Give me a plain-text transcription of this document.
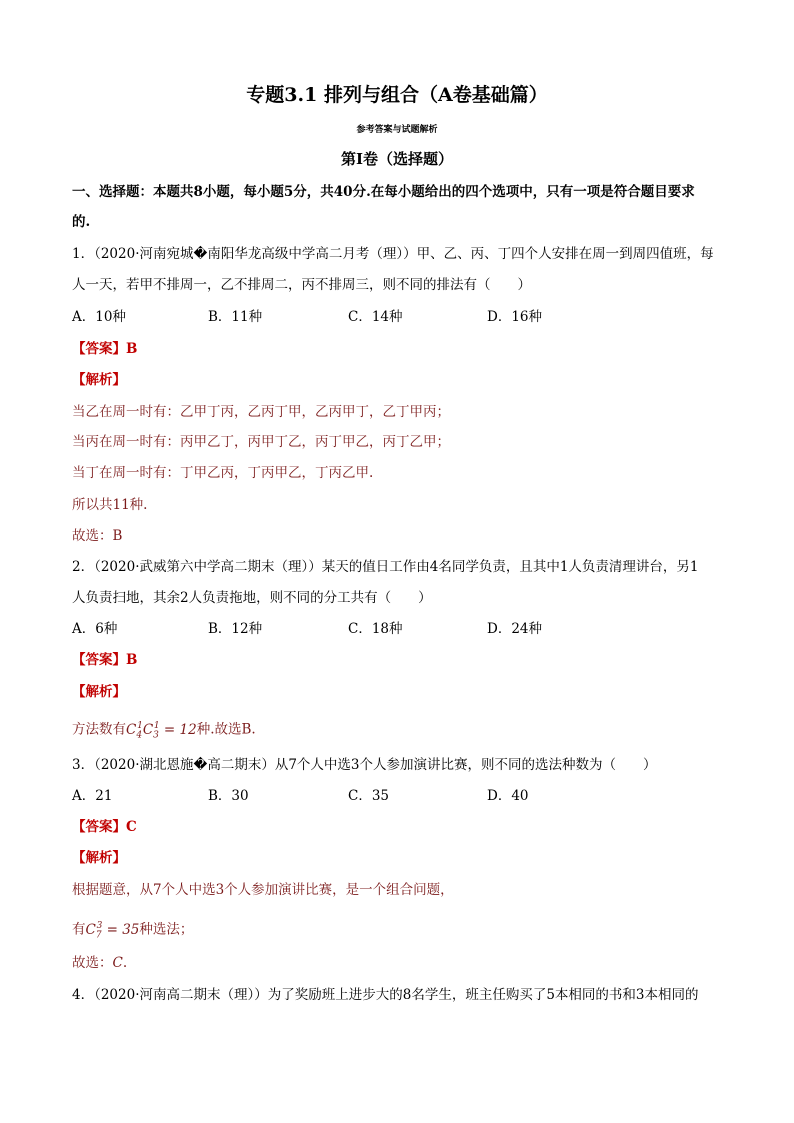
专题3.1 排列与组合（A卷基础篇）
参考答案与试题解析
第Ⅰ卷（选择题）
一、选择题：本题共8小题，每小题5分，共40分.在每小题给出的四个选项中，只有一项是符合题目要求
的.
1．（2020·河南宛城�南阳华龙高级中学高二月考（理））甲、乙、丙、丁四个人安排在周一到周四值班，每
人一天，若甲不排周一，乙不排周二，丙不排周三，则不同的排法有（　　）
A．10种	B．11种	C．14种	D．16种
【答案】B
【解析】
当乙在周一时有：乙甲丁丙，乙丙丁甲，乙丙甲丁，乙丁甲丙；
当丙在周一时有：丙甲乙丁，丙甲丁乙，丙丁甲乙，丙丁乙甲；
当丁在周一时有：丁甲乙丙，丁丙甲乙，丁丙乙甲.
所以共11种.
故选：B
2．（2020·武威第六中学高二期末（理））某天的值日工作由4名同学负责，且其中1人负责清理讲台，另1
人负责扫地，其余2人负责拖地，则不同的分工共有（　　）
A．6种	B．12种	C．18种	D．24种
【答案】B
【解析】
方法数有$C_4^1C_3^1 = 12$种.故选B.
3．（2020·湖北恩施�高二期末）从7个人中选3个人参加演讲比赛，则不同的选法种数为（　　）
A．21	B．30	C．35	D．40
【答案】C
【解析】
根据题意，从7个人中选3个人参加演讲比赛，是一个组合问题，
有$C_7^3 = 35$种选法；
故选：C.
4．（2020·河南高二期末（理））为了奖励班上进步大的8名学生，班主任购买了5本相同的书和3本相同的
